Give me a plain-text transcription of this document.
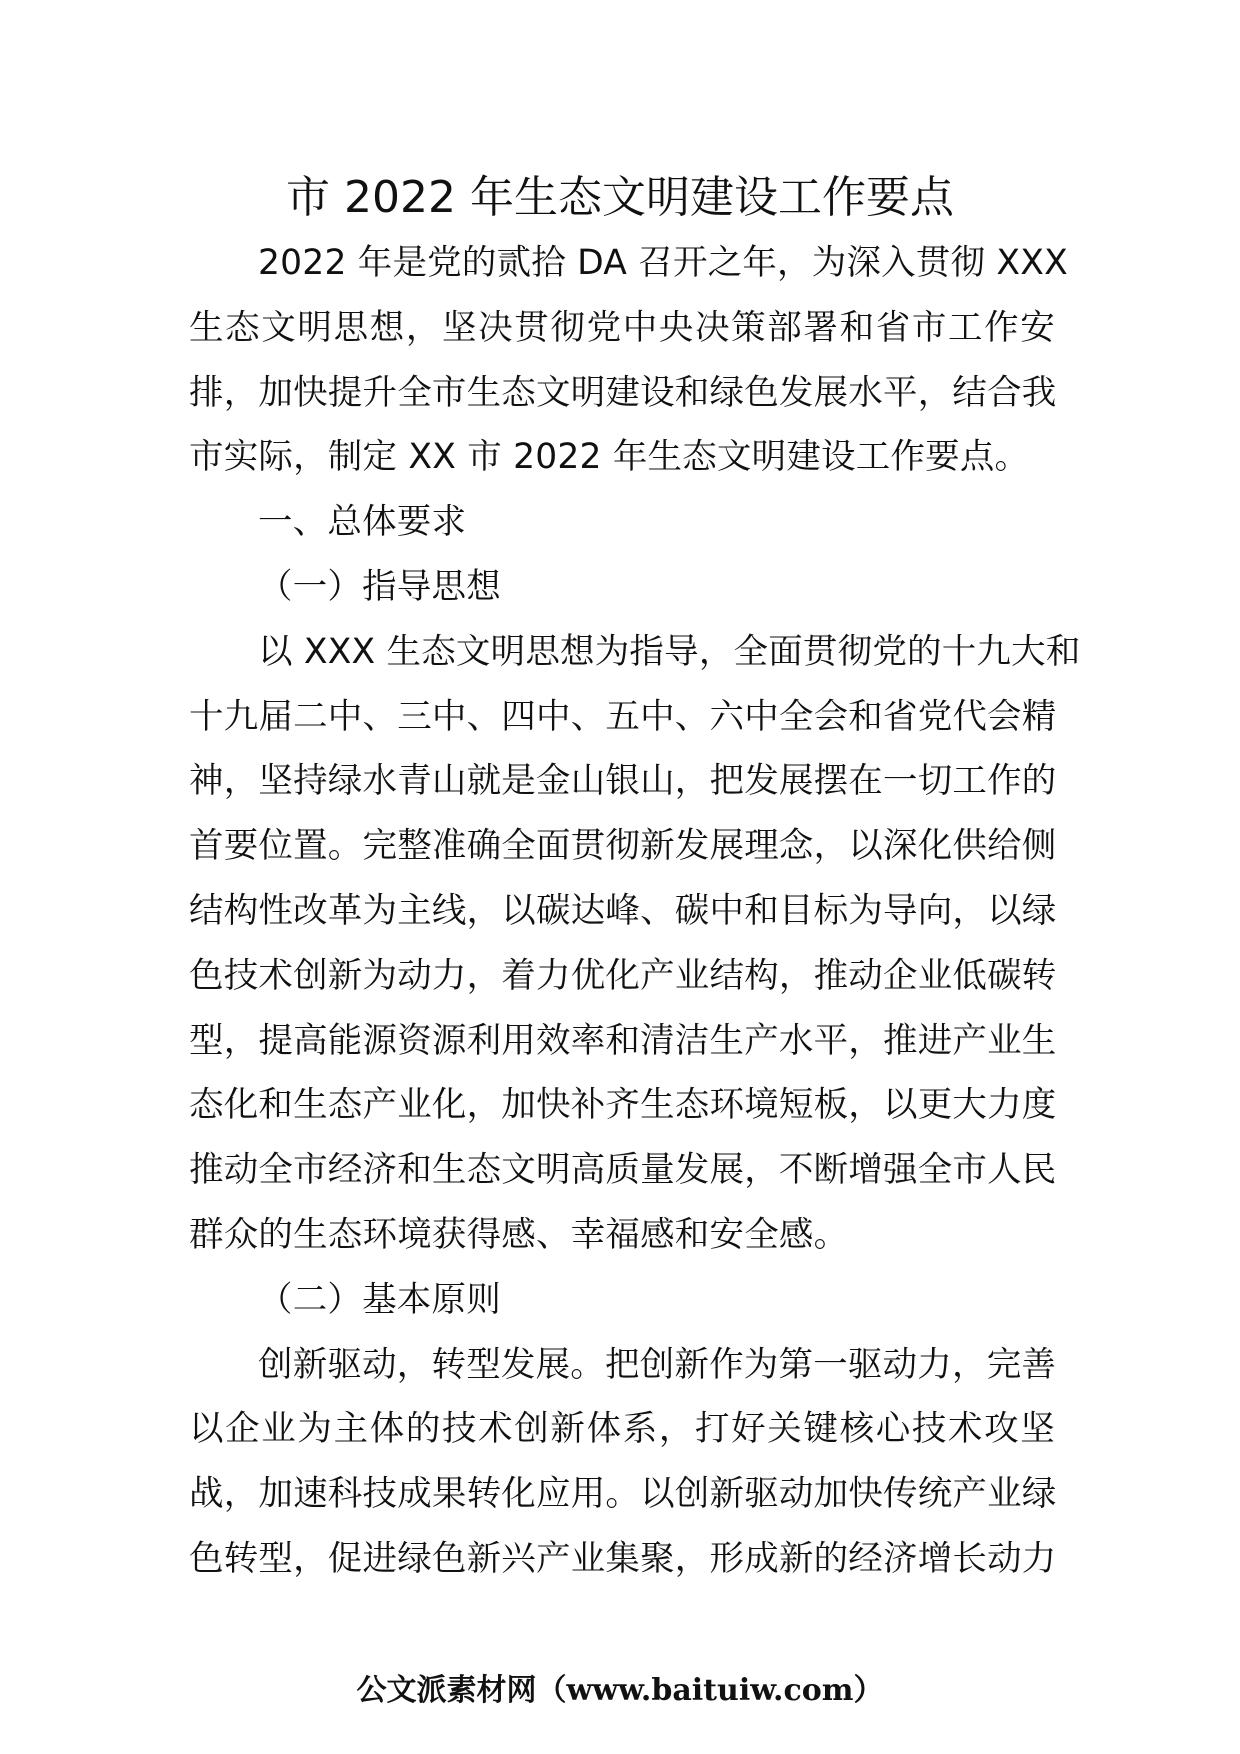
市 2022 年生态文明建设工作要点
2022 年是党的贰拾 DA 召开之年，为深入贯彻 XXX
生态文明思想，坚决贯彻党中央决策部署和省市工作安
排，加快提升全市生态文明建设和绿色发展水平，结合我
市实际，制定 XX 市 2022 年生态文明建设工作要点。
一、总体要求
（一）指导思想
以 XXX 生态文明思想为指导，全面贯彻党的十九大和
十九届二中、三中、四中、五中、六中全会和省党代会精
神，坚持绿水青山就是金山银山，把发展摆在一切工作的
首要位置。完整准确全面贯彻新发展理念，以深化供给侧
结构性改革为主线，以碳达峰、碳中和目标为导向，以绿
色技术创新为动力，着力优化产业结构，推动企业低碳转
型，提高能源资源利用效率和清洁生产水平，推进产业生
态化和生态产业化，加快补齐生态环境短板，以更大力度
推动全市经济和生态文明高质量发展，不断增强全市人民
群众的生态环境获得感、幸福感和安全感。
（二）基本原则
创新驱动，转型发展。把创新作为第一驱动力，完善
以企业为主体的技术创新体系，打好关键核心技术攻坚
战，加速科技成果转化应用。以创新驱动加快传统产业绿
色转型，促进绿色新兴产业集聚，形成新的经济增长动力
公文派素材网（www.baituiw.com）
